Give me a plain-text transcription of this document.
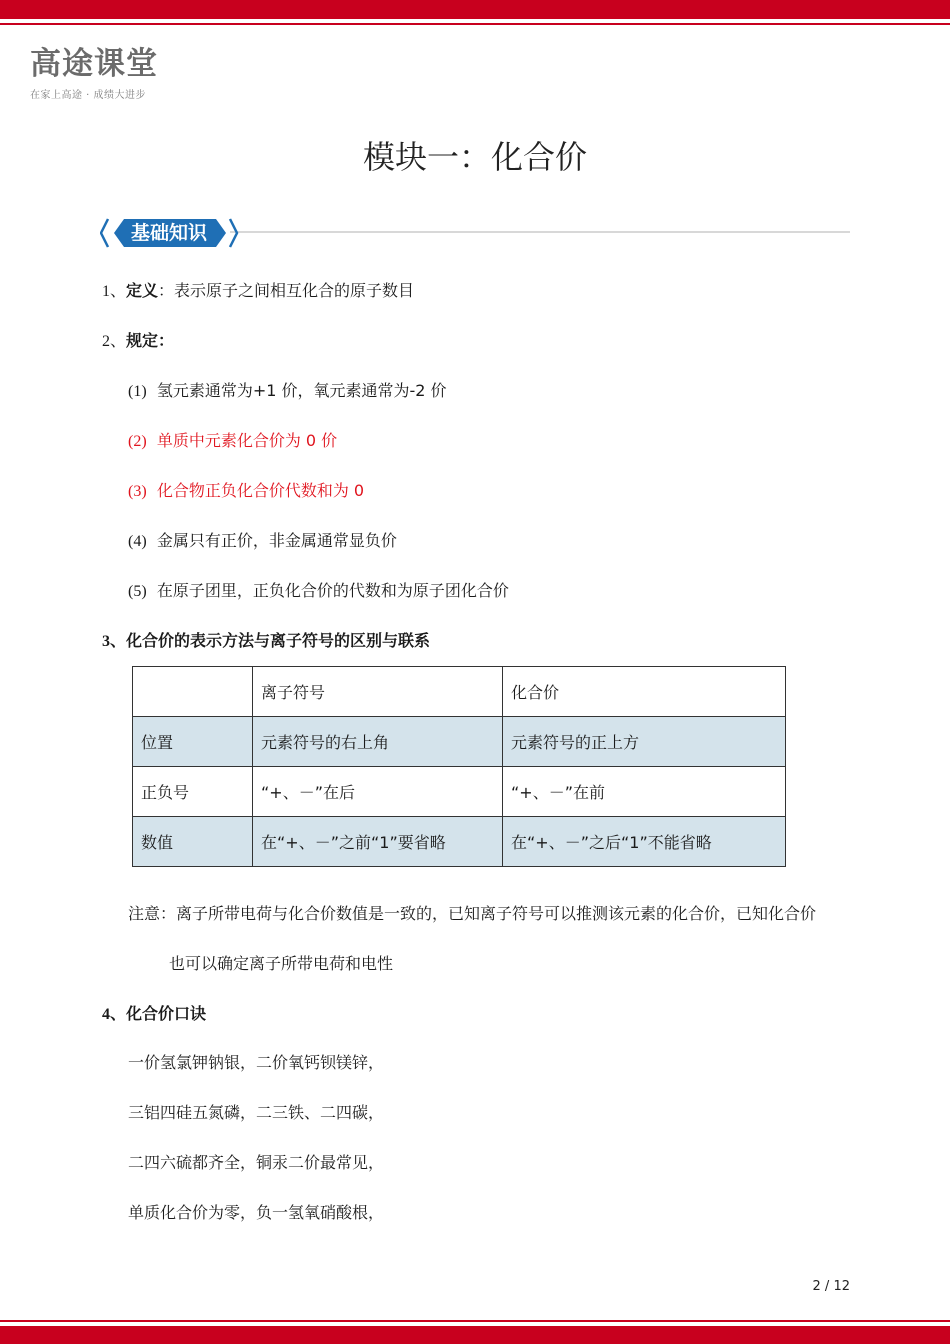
高途课堂
在家上高途 · 成绩大进步
模块一：化合价
基础知识
1、定义：表示原子之间相互化合的原子数目
2、规定：
(1) 氢元素通常为+1 价，氧元素通常为-2 价
(2) 单质中元素化合价为 0 价
(3) 化合物正负化合价代数和为 0
(4) 金属只有正价，非金属通常显负价
(5) 在原子团里，正负化合价的代数和为原子团化合价
3、化合价的表示方法与离子符号的区别与联系
	离子符号	化合价
位置	元素符号的右上角	元素符号的正上方
正负号	“+、－”在后	“+、－”在前
数值	在“+、－”之前“1”要省略	在“+、－”之后“1”不能省略
注意：离子所带电荷与化合价数值是一致的，已知离子符号可以推测该元素的化合价，已知化合价
也可以确定离子所带电荷和电性
4、化合价口诀
一价氢氯钾钠银，二价氧钙钡镁锌，
三铝四硅五氮磷，二三铁、二四碳，
二四六硫都齐全，铜汞二价最常见，
单质化合价为零，负一氢氧硝酸根，
2 / 12
